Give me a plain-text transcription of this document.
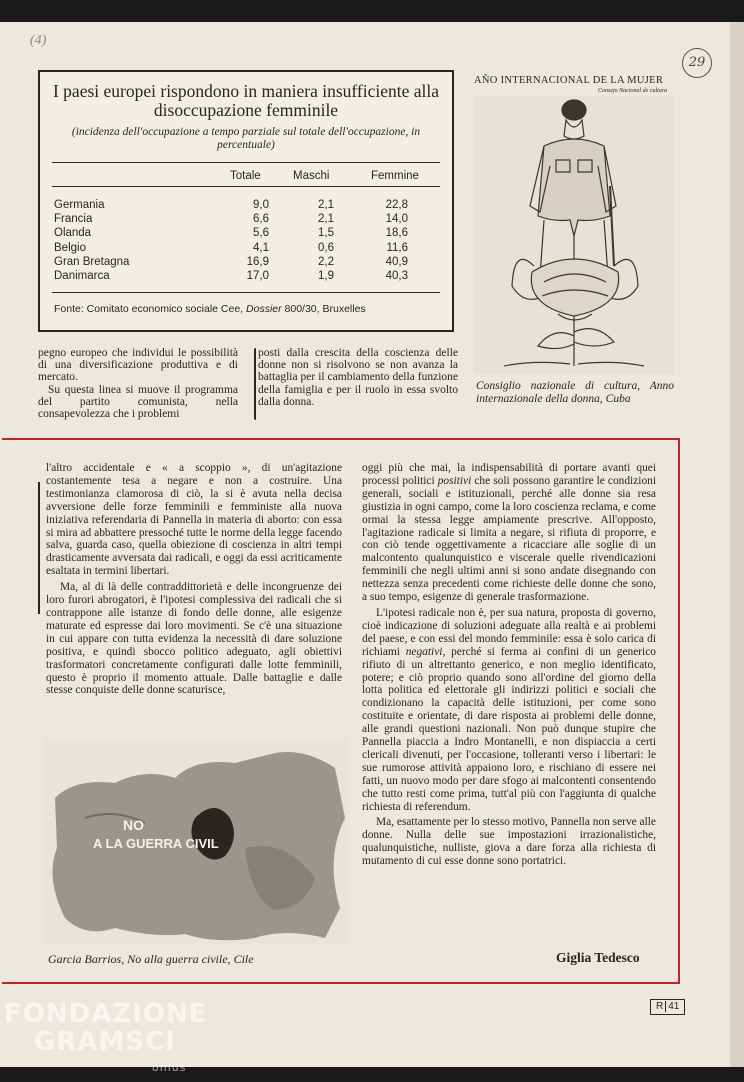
(4)
29
I paesi europei rispondono in maniera insufficiente alla disoccupazione femminile
(incidenza dell'occupazione a tempo parziale sul totale dell'occupazione, in percentuale)
Totale	Maschi	Femmine
Germania	9,0	2,1	22,8
Francia	6,6	2,1	14,0
Olanda	5,6	1,5	18,6
Belgio	4,1	0,6	11,6
Gran Bretagna	16,9	2,2	40,9
Danimarca	17,0	1,9	40,3
Fonte: Comitato economico sociale Cee, Dossier 800/30, Bruxelles
AÑO INTERNACIONAL DE LA MUJER
Consejo Nacional de cultura
Consiglio nazionale di cultura, Anno internazionale della donna, Cuba

pegno europeo che individui le possibilità di una diversificazione produttiva e di mercato.

Su questa linea si muove il programma del partito comunista, nella consapevolezza che i problemi

posti dalla crescita della coscienza delle donne non si risolvono se non avanza la battaglia per il cambiamento della funzione della famiglia e per il ruolo in essa svolto dalla donna.

l'altro accidentale e « a scoppio », di un'agitazione costantemente tesa a negare e non a costruire. Una testimonianza clamorosa di ciò, la si è avuta nella decisa avversione delle forze femminili e femministe alla nuova iniziativa referendaria di Pannella in materia di aborto: con essa si mira ad abbattere pressoché tutte le norme della legge facendo salva, guarda caso, quella obiezione di coscienza in altri tempi drasticamente avversata dai radicali, e oggi da essi acriticamente esaltata in termini libertari.

Ma, al di là delle contraddittorietà e delle incongruenze dei loro furori abrogatori, è l'ipotesi complessiva dei radicali che si contrappone alle istanze di fondo delle donne, alle esigenze maturate ed espresse dai loro movimenti. Se c'è una situazione in cui appare con tutta evidenza la necessità di dare soluzione positiva, e quindi sbocco politico adeguato, agli obiettivi trasformatori concretamente configurati dalle lotte femminili, questo è proprio il momento attuale. Dalle battaglie e dalle stesse conquiste delle donne scaturisce,

oggi più che mai, la indispensabilità di portare avanti quei processi politici positivi che soli possono garantire le condizioni generali, sociali e istituzionali, perché alle donne sia resa giustizia in ogni campo, come la loro coscienza reclama, e come ormai la stessa legge ampiamente prescrive. All'opposto, l'agitazione radicale si limita a negare, si rifiuta di proporre, e con ciò tende oggettivamente a ricacciare alle soglie di un malcontento qualunquistico e viscerale quelle rivendicazioni femminili che negli ultimi anni si sono andate disegnando con nettezza senza precedenti come richieste delle donne che sono, a suo tempo, esigenze di generale trasformazione.

L'ipotesi radicale non è, per sua natura, proposta di governo, cioè indicazione di soluzioni adeguate alla realtà e ai problemi del paese, e con essi del mondo femminile: essa è solo carica di richiami negativi, perché si ferma ai confini di un generico rifiuto di un altrettanto generico, e non meglio identificato, potere; e ciò proprio quando sono all'ordine del giorno della lotta politica ed elettorale gli indirizzi politici e sociali che condizionano la capacità delle istituzioni, per come sono costituite e orientate, di dare risposta ai problemi delle donne, alle grandi questioni nazionali. Non può dunque stupire che Pannella piaccia a Indro Montanelli, e non dispiaccia a certi clericali divenuti, per l'occasione, tolleranti verso i libertari: le sue rumorose attività appaiono loro, e rischiano di essere nei fatti, un nuovo modo per dare sfogo ai malcontenti consentendo che tutto resti come prima, tutt'al più con l'aggiunta di qualche richiesta di referendum.

Ma, esattamente per lo stesso motivo, Pannella non serve alle donne. Nulla delle sue impostazioni irrazionalistiche, qualunquistiche, nulliste, giova a dare forza alla richiesta di mutamento di cui esse donne sono portatrici.

NO
A LA GUERRA CIVIL
Garcia Barrios, No alla guerra civile, Cile	Giglia Tedesco
R 41
FONDAZIONE
GRAMSCI
onlus
